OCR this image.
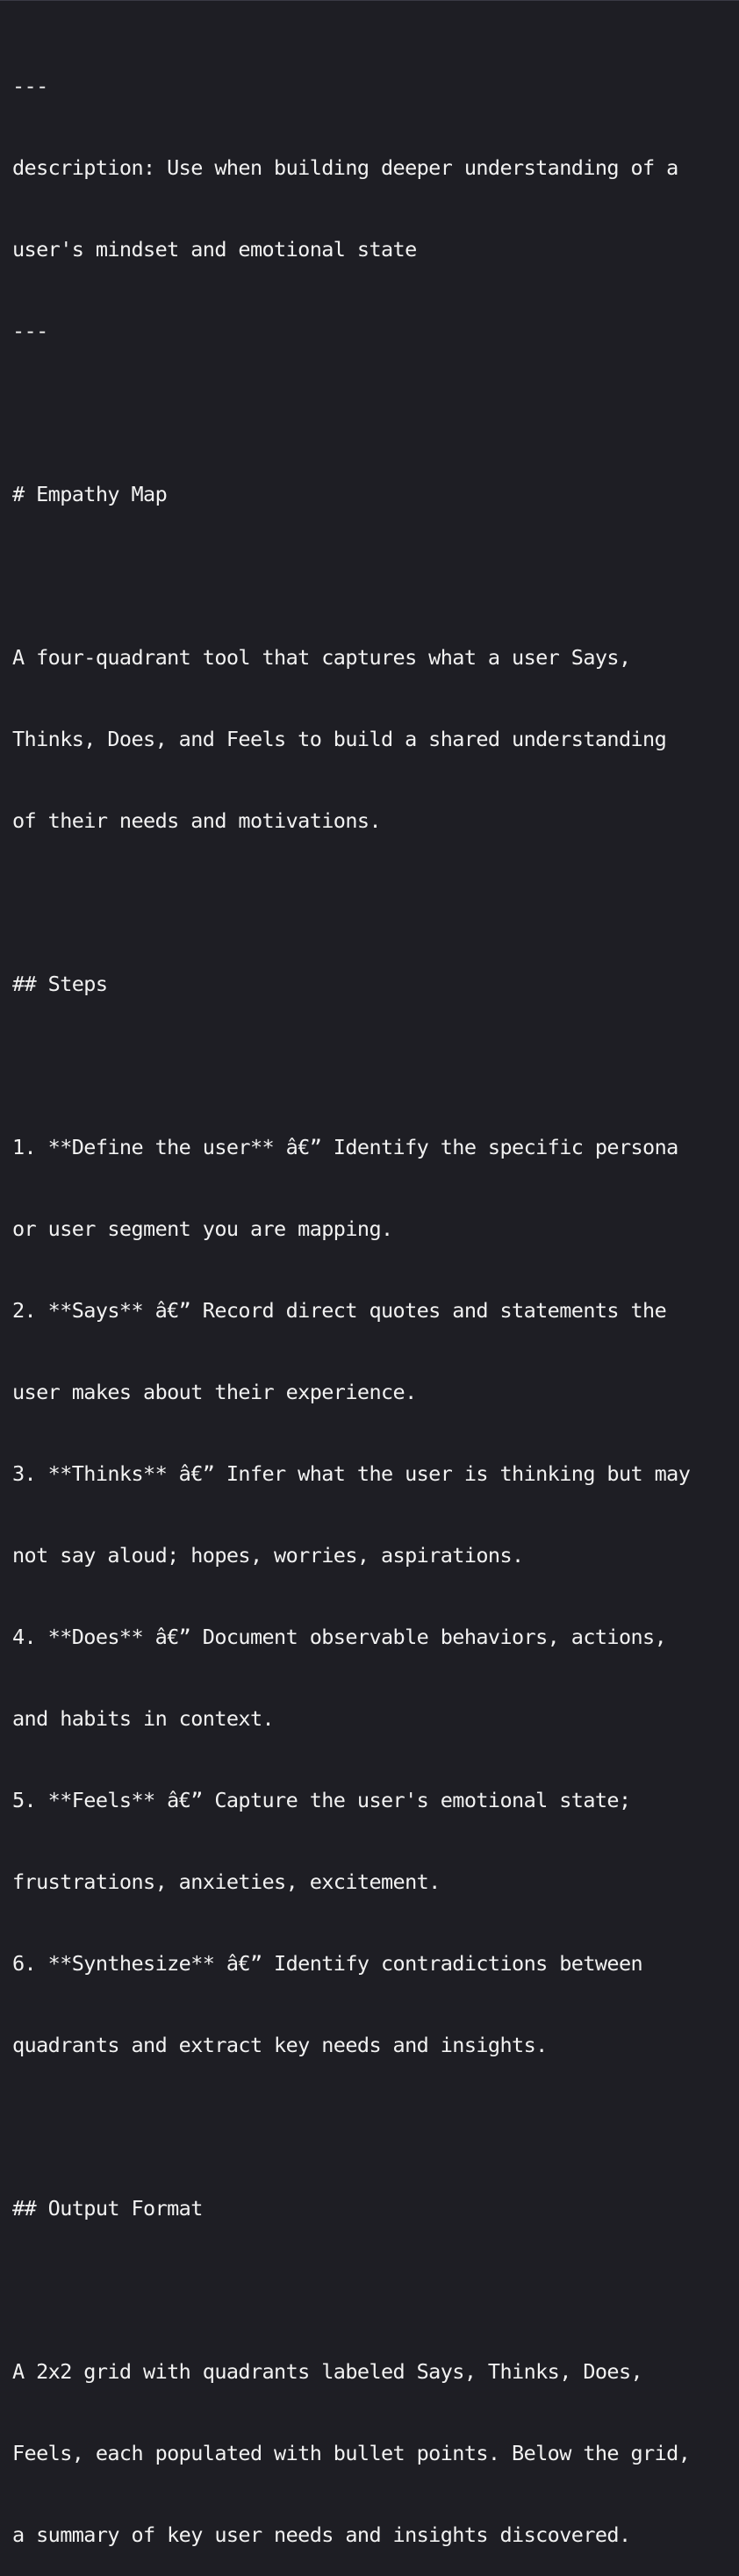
---

description: Use when building deeper understanding of a

user's mindset and emotional state

---

# Empathy Map

A four-quadrant tool that captures what a user Says,

Thinks, Does, and Feels to build a shared understanding

of their needs and motivations.

## Steps

1. **Define the user** â€” Identify the specific persona

or user segment you are mapping.

2. **Says** â€” Record direct quotes and statements the

user makes about their experience.

3. **Thinks** â€” Infer what the user is thinking but may

not say aloud; hopes, worries, aspirations.

4. **Does** â€” Document observable behaviors, actions,

and habits in context.

5. **Feels** â€” Capture the user's emotional state;

frustrations, anxieties, excitement.

6. **Synthesize** â€” Identify contradictions between

quadrants and extract key needs and insights.

## Output Format

A 2x2 grid with quadrants labeled Says, Thinks, Does,

Feels, each populated with bullet points. Below the grid,

a summary of key user needs and insights discovered.
